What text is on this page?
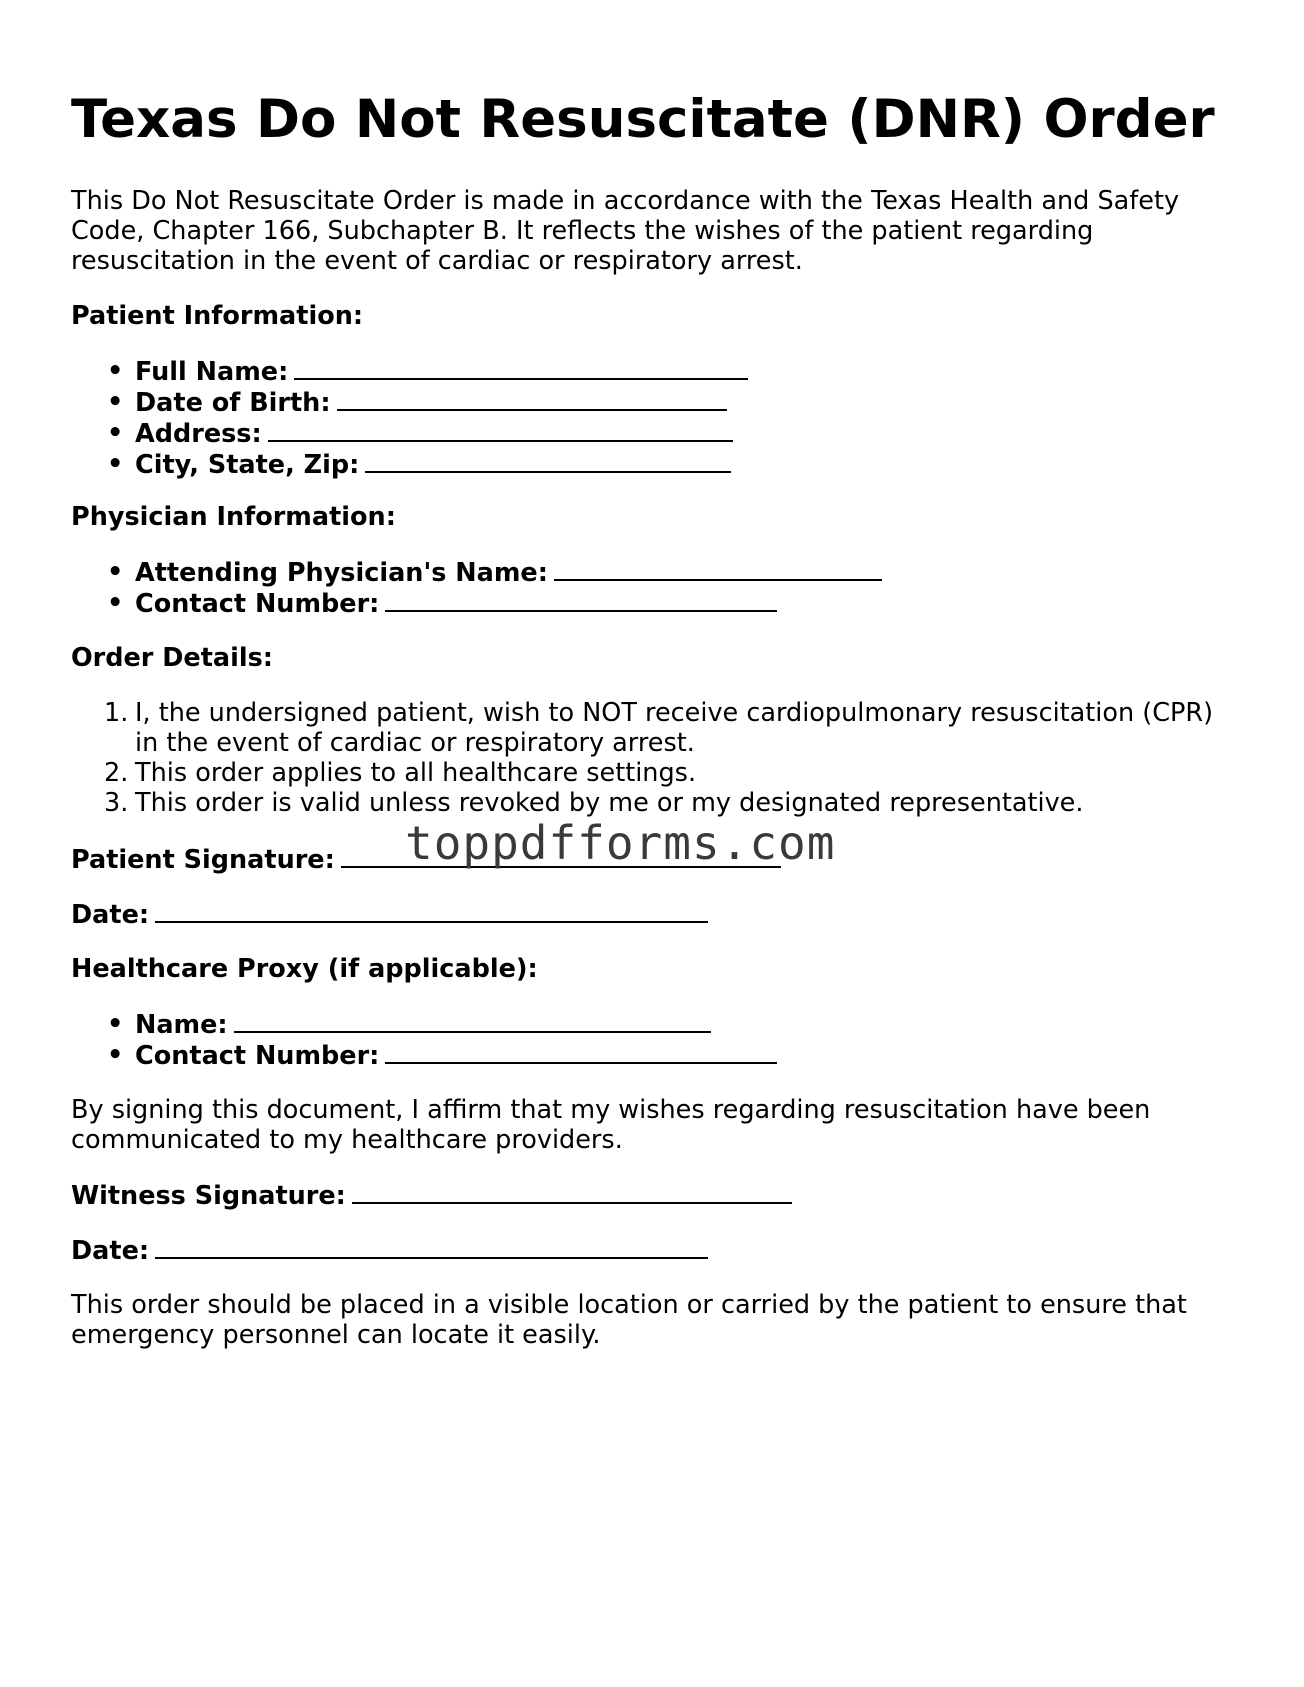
Texas Do Not Resuscitate (DNR) Order
This Do Not Resuscitate Order is made in accordance with the Texas Health and Safety
Code, Chapter 166, Subchapter B. It reflects the wishes of the patient regarding
resuscitation in the event of cardiac or respiratory arrest.
Patient Information:
• Full Name:
• Date of Birth:
• Address:
• City, State, Zip:
Physician Information:
• Attending Physician's Name:
• Contact Number:
Order Details:
1. I, the undersigned patient, wish to NOT receive cardiopulmonary resuscitation (CPR)
in the event of cardiac or respiratory arrest.
2. This order applies to all healthcare settings.
3. This order is valid unless revoked by me or my designated representative.
Patient Signature:
Date:
Healthcare Proxy (if applicable):
• Name:
• Contact Number:
By signing this document, I affirm that my wishes regarding resuscitation have been
communicated to my healthcare providers.
Witness Signature:
Date:
This order should be placed in a visible location or carried by the patient to ensure that
emergency personnel can locate it easily.
toppdfforms.com
